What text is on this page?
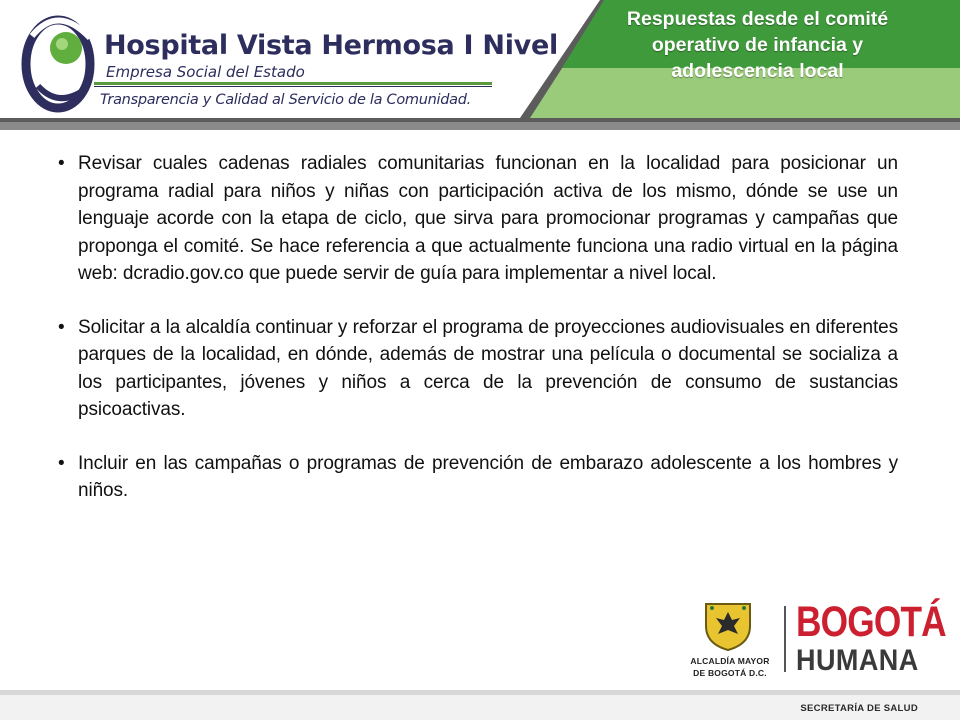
Hospital Vista Hermosa I Nivel

Empresa Social del Estado

Transparencia y Calidad al Servicio de la Comunidad.

Respuestas desde el comité operativo de infancia y adolescencia local

• Revisar cuales cadenas radiales comunitarias funcionan en la localidad para posicionar un programa radial para niños y niñas con participación activa de los mismo, dónde se use un lenguaje acorde con la etapa de ciclo, que sirva para promocionar programas y campañas que proponga el comité. Se hace referencia a que actualmente funciona una radio virtual en la página web: dcradio.gov.co que puede servir de guía para implementar a nivel local.

• Solicitar a la alcaldía continuar y reforzar el programa de proyecciones audiovisuales en diferentes parques de la localidad, en dónde, además de mostrar una película o documental se socializa a los participantes, jóvenes y niños a cerca de la prevención de consumo de sustancias psicoactivas.

• Incluir en las campañas o programas de prevención de embarazo adolescente a los hombres y niños.

ALCALDÍA MAYOR

DE BOGOTÁ D.C.

BOGOTÁ

HUMANA

SECRETARÍA DE SALUD
